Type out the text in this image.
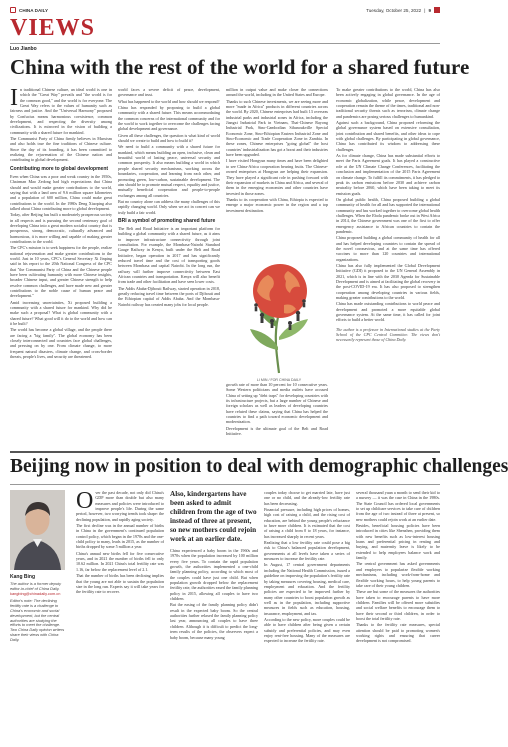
CHINA DAILY	Tuesday, October 25, 2022 | 9
VIEWS
Luo Jianbo
China with the rest of the world for a shared future
I n traditional Chinese culture, an ideal world is one in which the "Great Way" prevails and "the world is for the common good," and the world is for everyone. The Great Way refers to the values of humanity such as fairness and justice. And the "Universal Harmony" proposed by Confucius means harmonious coexistence, common development, and respecting the diversity among civilizations. It is mirrored in the vision of building a community with a shared future for mankind.

The Communist Party of China firmly believes in Marxism and also holds true the fine traditions of Chinese culture. Since the day of its founding, it has been committed to realizing the rejuvenation of the Chinese nation and contributing to global development.

Contributing more to global development

Even when China was a poor and weak country in the 1950s, Chairman Mao Zedong had high expectations that China should and would make greater contributions to the world, saying that with a land area of 9.6 million square kilometers and a population of 600 million, China could make great contributions to the world. In the 1980s Deng Xiaoping also talked about China contributing more to global development.

Today, after Beijing has built a moderately prosperous society in all respects and is pursuing the second centenary goal of developing China into a great modern socialist country that is prosperous, strong, democratic, culturally advanced and harmonious, it is more willing and capable of making greater contributions to the world.

The CPC's mission is to seek happiness for the people, realize national rejuvenation and make greater contributions to the world. Just in 10 years, CPC's General Secretary Xi Jinping said in his report to the 20th National Congress of the CPC that "the Communist Party of China and the Chinese people have been cultivating humanity with more Chinese insights, broader Chinese input, and greater Chinese strength to help resolve common challenges, and have made new and greater contributions to the noble cause of human peace and development."

Amid increasing uncertainties, Xi proposed building a community with a shared future for mankind. Why did he make such a proposal? What is global community with a shared future? What good will it do to the world and how can it be built?

The world has become a global village, and the people there are facing a "big family". The global economy has been closely interconnected and countries face global challenges, and pressing on by one. From climate change, to more frequent natural disasters, climate change, and cross-border threats, people's lives, and security are threatened.

world faces a severe deficit of peace, development, governance and trust.

What has happened to the world and how should we respond?

China has responded by proposing to build a global community with a shared future. This means accommodating the common concerns of the international community and for the world to work together to overcome the challenges facing global development and governance.

Given all these challenges, the question is what kind of world should we create to build and how to build it?

We need to build a community with a shared future for mankind, which means building an open, inclusive, clean and beautiful world of lasting peace, universal security and common prosperity. It also means building a world in which people shared security mechanisms, working across the boundaries, cooperation, and learning from each other, and promoting green, low-carbon, sustainable development. The aim should be to promote mutual respect, equality and justice, mutually beneficial cooperation and people-to-people exchanges among all countries.

But no country alone can address the many challenges of this rapidly changing world. Only when we act in concert can we truly build a fair world.

BRI a symbol of promoting shared future

The Belt and Road Initiative is an important platform for building a global community with a shared future, as it aims to improve infrastructure connectivity through joint consultation. For example, the Mombasa-Nairobi Standard Gauge Railway in Kenya, built under the Belt and Road Initiative, began operation in 2017 and has significantly reduced travel time and the cost of transporting goods between Mombasa and capital Nairobi. In the long run, the railway will further improve connectivity between East African countries and transportation. Kenya will also benefit from trade and other facilitation and have seen lower costs.

The Addis Ababa-Djibouti Railway, started operation in 2018, greatly reducing travel time between the ports of Djibouti and the Ethiopian capital of Addis Ababa. And the Mombasa-Nairobi railway has created many jobs for local people.

million in output value and make closer the connections around the world, including in the United States and Europe.

Thanks to such Chinese investments, we are seeing more and more "made in Africa" products in different countries across the world. By 2020, Chinese enterprises had built 13 overseas industrial parks and industrial zones in Africa, including the Jiangxi Industrial Park in Vietnam, Thai-Chinese Rayong Industrial Park, Sino-Cambodian Sihanoukville Special Economic Zone, Sino-Ethiopian Eastern Industrial Zone and Sino-Economic and Trade Cooperation Zone in Zambia. In these zones, Chinese enterprises "going global" the host countries' industrialization has got a boost and their industries have been upgraded.

I have visited Hongyun many times and have been delighted to see China-Africa cooperation bearing fruits. The Chinese-owned enterprises at Hongyun are helping their expansion. They have played a significant role in pushing forward with their expansion of markets in China and Africa, and several of them in the emerging economies and other countries have invested in those zones.

Thanks to its cooperation with China, Ethiopia is expected to emerge a major economic power in the region and a top investment destination.

LI MIN / FOR CHINA DAILY

growth rate of more than 10 percent for 10 consecutive years. Some Western politicians and media outlets have accused China of setting up "debt traps" for developing countries with its infrastructure projects, but a large number of Chinese and foreign scholars as well as leaders of developing countries have refuted these claims, saying that China has helped the countries to find a path toward economic development and modernization.

Development is the ultimate goal of the Belt and Road Initiative.

To make greater contributions to the world, China has also been actively engaging in global governance. In the age of economic globalization, while peace, development and cooperation remain the theme of the times, traditional and non-traditional security threats such as terrorism, climate change and pandemics are posing serious challenges to humankind.

Against such a background, China proposed reforming the global governance system based on extensive consultation, joint contribution and shared benefits, and other ideas to cope with global challenges. By participating in global governance, China has contributed its wisdom to addressing these challenges.

As for climate change, China has made substantial efforts to meet the Paris Agreement goals. It has played a constructive role at the UN Climate Change Conferences, facilitating the conclusion and implementation of the 2015 Paris Agreement on climate change. To fulfill its commitments, it has pledged to peak its carbon emissions before 2030 and achieve carbon neutrality before 2060, which have been taking to meet its emission goals.

On global public health, China proposed building a global community of health for all and has supported the international community and has worked together to overcome global health challenges. When the Ebola pandemic broke out in West Africa in 2014, the Chinese government was one of the first to offer emergency assistance to African countries to contain the pandemic.

China proposed building a global community of health for all and has helped developing countries to contain the spread of the novel coronavirus, and at the same time has offered vaccines to more than 120 countries and international organizations.

China has also fully implemented the Global Development Initiative (GDI) it proposed to the UN General Assembly in 2021, which is in line with the 2030 Agenda for Sustainable Development and is aimed at facilitating the global recovery in the post-COVID-19 era. It has also proposed to strengthen cooperation among developing countries in various fields, making greater contributions to the world.

China has made outstanding contributions to world peace and development and promoted a more equitable global governance system. At the same time, it has called for joint efforts to build a better world.

The author is a professor in International studies at the Party School of the CPC Central Committee. The views don't necessarily represent those of China Daily.
Beijing now in position to deal with demographic challenges
Kang Bing
The author is a former deputy editor-in-chief of China Daily.
kangbing@chinadaily.com.cn
Editor's note: The declining fertility rate is a challenge to China's economic and social development, but the central authorities are studying the efforts to meet the challenge. Two China Daily opinion writers share their views with China Daily.
O ver the past decade, not only did China's GDP more than double but also many measures and policies were introduced to improve people's life. During the same period, however, two worrying trends took shape: the declining population, and rapidly aging society.

The first decline was in the annual number of births in China in the government's continued population control policy, which began in the 1970s and the one-child policy to many, leads in 2015, as the number of births dropped by some 5 million a year.

China's annual new births fell for five consecutive years, and in 2021 the number of births fell to only 10.62 million. In 2021 China's total fertility rate was 1.16, far below the replacement level of 2.1.

That the number of births has been declining implies that the young are not able to sustain the population size in the long run. Experts say it will take years for the fertility rate to recover.

Also, kindergartens have been asked to admit children from the age of two instead of three at present, so new mothers could rejoin work at an earlier date.

China experienced a baby boom in the 1960s and 1970s when the population increased by 100 million every five years. To contain the rapid population growth, the authorities implemented a one-child family planning policy, according to which most of the couples could have just one child. But when population growth dropped below the replacement fertility rate, the authorities eased the family planning policy in 2015, allowing all couples to have two children.

But the easing of the family planning policy didn't result in the expected baby boom. So the central authorities further relaxed the family planning policy last year, announcing all couples to have three children. Although it is difficult to predict the long-term results of the policies, the observers expect a baby boom, because many young

couples today choose to get married late, have just one or no child, and the already-low fertility rate has been decreasing.

Financial pressure, including high prices of homes, high cost of raising a child, and the rising cost of education, are behind the young people's reluctance to have more children. It is estimated that the cost of raising a child from 0 to 18 years, for instance, has increased sharply in recent years.

Realizing that a low fertility rate could pose a big risk to China's balanced population development, governments at all levels have taken a series of measures to increase the fertility rate.

In August, 17 central government departments including the National Health Commission, issued a guideline on improving the population's fertility rate by taking measures covering housing, medical care, employment and education. And the fertility policies are expected to be improved further by many other countries to boost population growth as well as in the population, including supportive measures in fields such as education, housing, insurance, employment, and tax.

According to the new policy, more couples could be able to have children after being given a certain subsidy and preferential policies, and may even enjoy rent-free housing. Many of the measures are expected to increase the fertility rate.

several thousand yuan a month to send their kid to a nursery — it was the case in China in the 1980s. The State Council has ordered local governments to set up childcare services to take care of children from the age of two instead of three at present, so new mothers could rejoin work at an earlier date.

Besides, beneficial housing policies have been introduced in cities like Shenzhen, providing them with new benefits such as low-interest housing loans and preferential pricing in renting and buying, and maternity leave is likely to be extended to help employees balance work and family.

The central government has asked governments and employers to popularize flexible working mechanisms, including work-from-home and flexible working hours, to help young parents to take care of their young children.

These are but some of the measures the authorities have taken to encourage parents to have more children. Families will be offered more subsidies and social welfare benefits to encourage them to have their second or third children, in order to boost the total fertility rate.

Thanks to the fertility rate measures, special attention should be paid to promoting women's working rights and ensuring that career development is not compromised.
